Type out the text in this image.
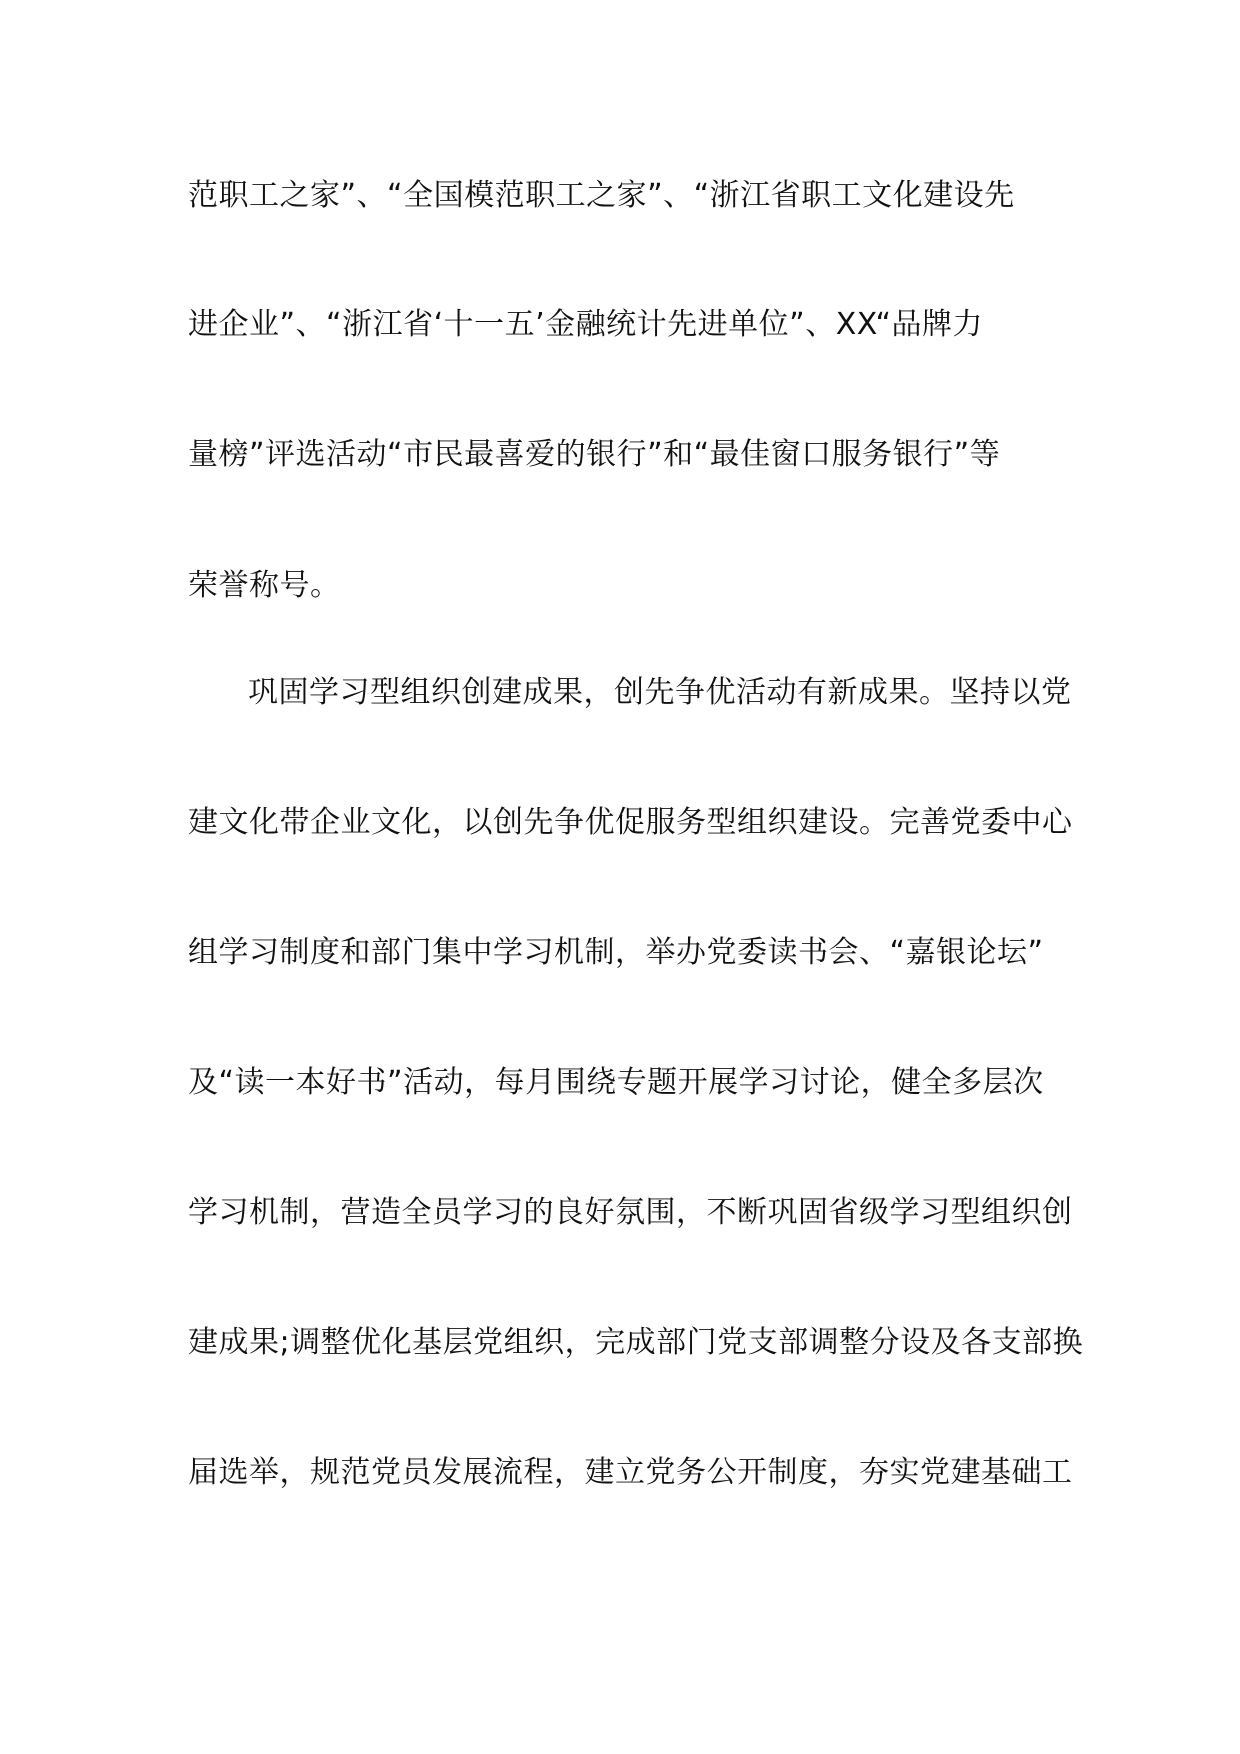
范职工之家”、“全国模范职工之家”、“浙江省职工文化建设先
进企业”、“浙江省‘十一五’金融统计先进单位”、XX“品牌力
量榜”评选活动“市民最喜爱的银行”和“最佳窗口服务银行”等
荣誉称号。
巩固学习型组织创建成果，创先争优活动有新成果。坚持以党
建文化带企业文化，以创先争优促服务型组织建设。完善党委中心
组学习制度和部门集中学习机制，举办党委读书会、“嘉银论坛”
及“读一本好书”活动，每月围绕专题开展学习讨论，健全多层次
学习机制，营造全员学习的良好氛围，不断巩固省级学习型组织创
建成果;调整优化基层党组织，完成部门党支部调整分设及各支部换
届选举，规范党员发展流程，建立党务公开制度，夯实党建基础工
